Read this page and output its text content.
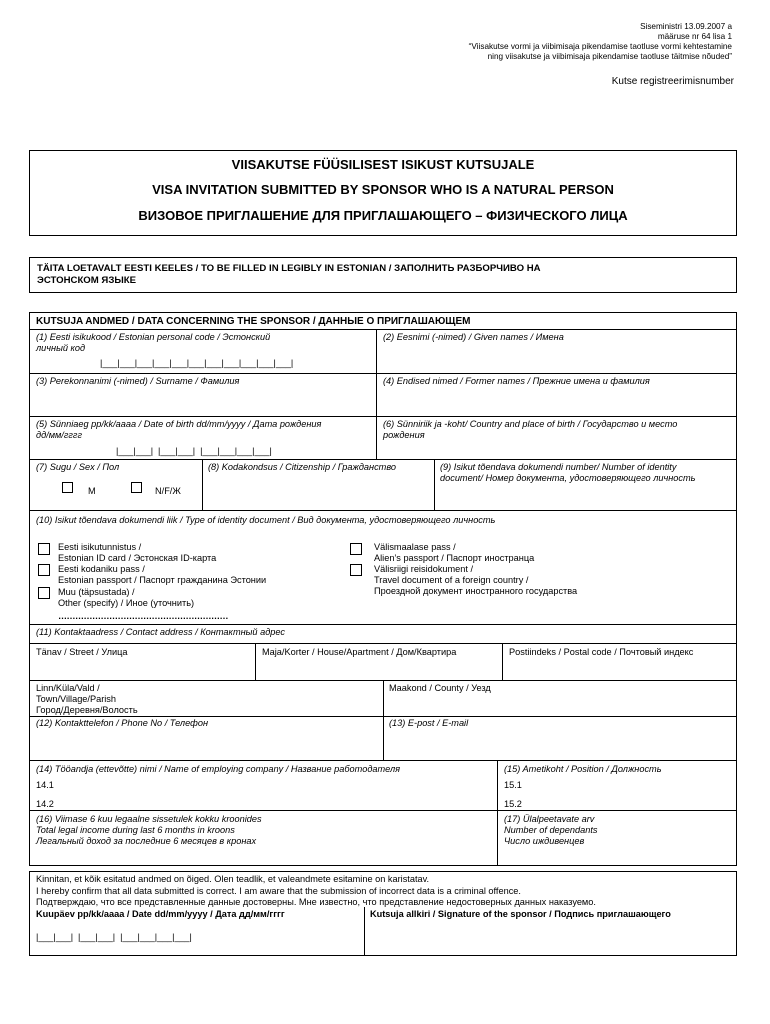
Siseministri 13.09.2007 a
määruse nr 64 lisa 1
“Viisakutse vormi ja viibimisaja pikendamise taotluse vormi kehtestamine
ning viisakutse ja viibimisaja pikendamise taotluse täitmise nõuded”
Kutse registreerimisnumber
VIISAKUTSE FÜÜSILISEST ISIKUST KUTSUJALE
VISA INVITATION SUBMITTED BY SPONSOR WHO IS A NATURAL PERSON
ВИЗОВОЕ ПРИГЛАШЕНИЕ ДЛЯ ПРИГЛАШАЮЩЕГО – ФИЗИЧЕСКОГО ЛИЦА
TÄITA LOETAVALT EESTI KEELES / TO BE FILLED IN LEGIBLY IN ESTONIAN / ЗАПОЛНИТЬ РАЗБОРЧИВО НА
ЭСТОНСКОМ ЯЗЫКЕ
KUTSUJA ANDMED / DATA CONCERNING THE SPONSOR / ДАННЫЕ О ПРИГЛАШАЮЩЕМ
(1) Eesti isikukood / Estonian personal code / Эстонский
личный код
|___|___|___|___|___|___|___|___|___|___|___|
(2) Eesnimi (-nimed) / Given names / Имена
(3) Perekonnanimi (-nimed) / Surname / Фамилия	(4) Endised nimed / Former names / Прежние имена и фамилия
(5) Sünniaeg pp/kk/aaaa / Date of birth dd/mm/yyyy / Дата рождения
дд/мм/гггг
|___|___|  |___|___|  |___|___|___|___|
(6) Sünniriik ja -koht/ Country and place of birth / Государство и место
рождения
(7) Sugu / Sex / Пол
M	N/F/Ж
(8) Kodakondsus / Citizenship / Гражданство	(9) Isikut tõendava dokumendi number/ Number of identity
document/ Номер документа, удостоверяющего личность
(10) Isikut tõendava dokumendi liik / Type of identity document / Вид документа, удостоверяющего личность
Eesti isikutunnistus /
Estonian ID card / Эстонская ID-карта
Eesti kodaniku pass /
Estonian passport / Паспорт гражданина Эстонии
Muu (täpsustada) /
Other (specify) / Иное (уточнить)
……………………………………………………
Välismaalase pass /
Alien’s passport / Паспорт иностранца
Välisriigi reisidokument /
Travel document of a foreign country /
Проездной документ иностранного государства
(11) Kontaktaadress / Contact address / Контактный адрес
Tänav / Street / Улица	Maja/Korter / House/Apartment / Дом/Квартира	Postiindeks / Postal code / Почтовый индекс
Linn/Küla/Vald /
Town/Village/Parish
Город/Деревня/Волость
Maakond / County / Уезд
(12) Kontakttelefon / Phone No / Телефон	(13) E-post / E-mail
(14) Tööandja (ettevõtte) nimi / Name of employing company / Название работодателя
14.1
14.2
(15) Ametikoht / Position / Должность
15.1
15.2
(16) Viimase 6 kuu legaalne sissetulek kokku kroonides
Total legal income during last 6 months in kroons
Легальный доход за последние 6 месяцев в кронах
(17) Ülalpeetavate arv
Number of dependants
Число иждивенцев
Kinnitan, et kõik esitatud andmed on õiged. Olen teadlik, et valeandmete esitamine on karistatav.
I hereby confirm that all data submitted is correct. I am aware that the submission of incorrect data is a criminal offence.
Подтверждаю, что все представленные данные достоверны. Мне известно, что представление недостоверных данных наказуемо.
Kuupäev pp/kk/aaaa / Date dd/mm/yyyy / Дата дд/мм/гггг
|___|___|  |___|___|  |___|___|___|___|
Kutsuja allkiri / Signature of the sponsor / Подпись приглашающего
